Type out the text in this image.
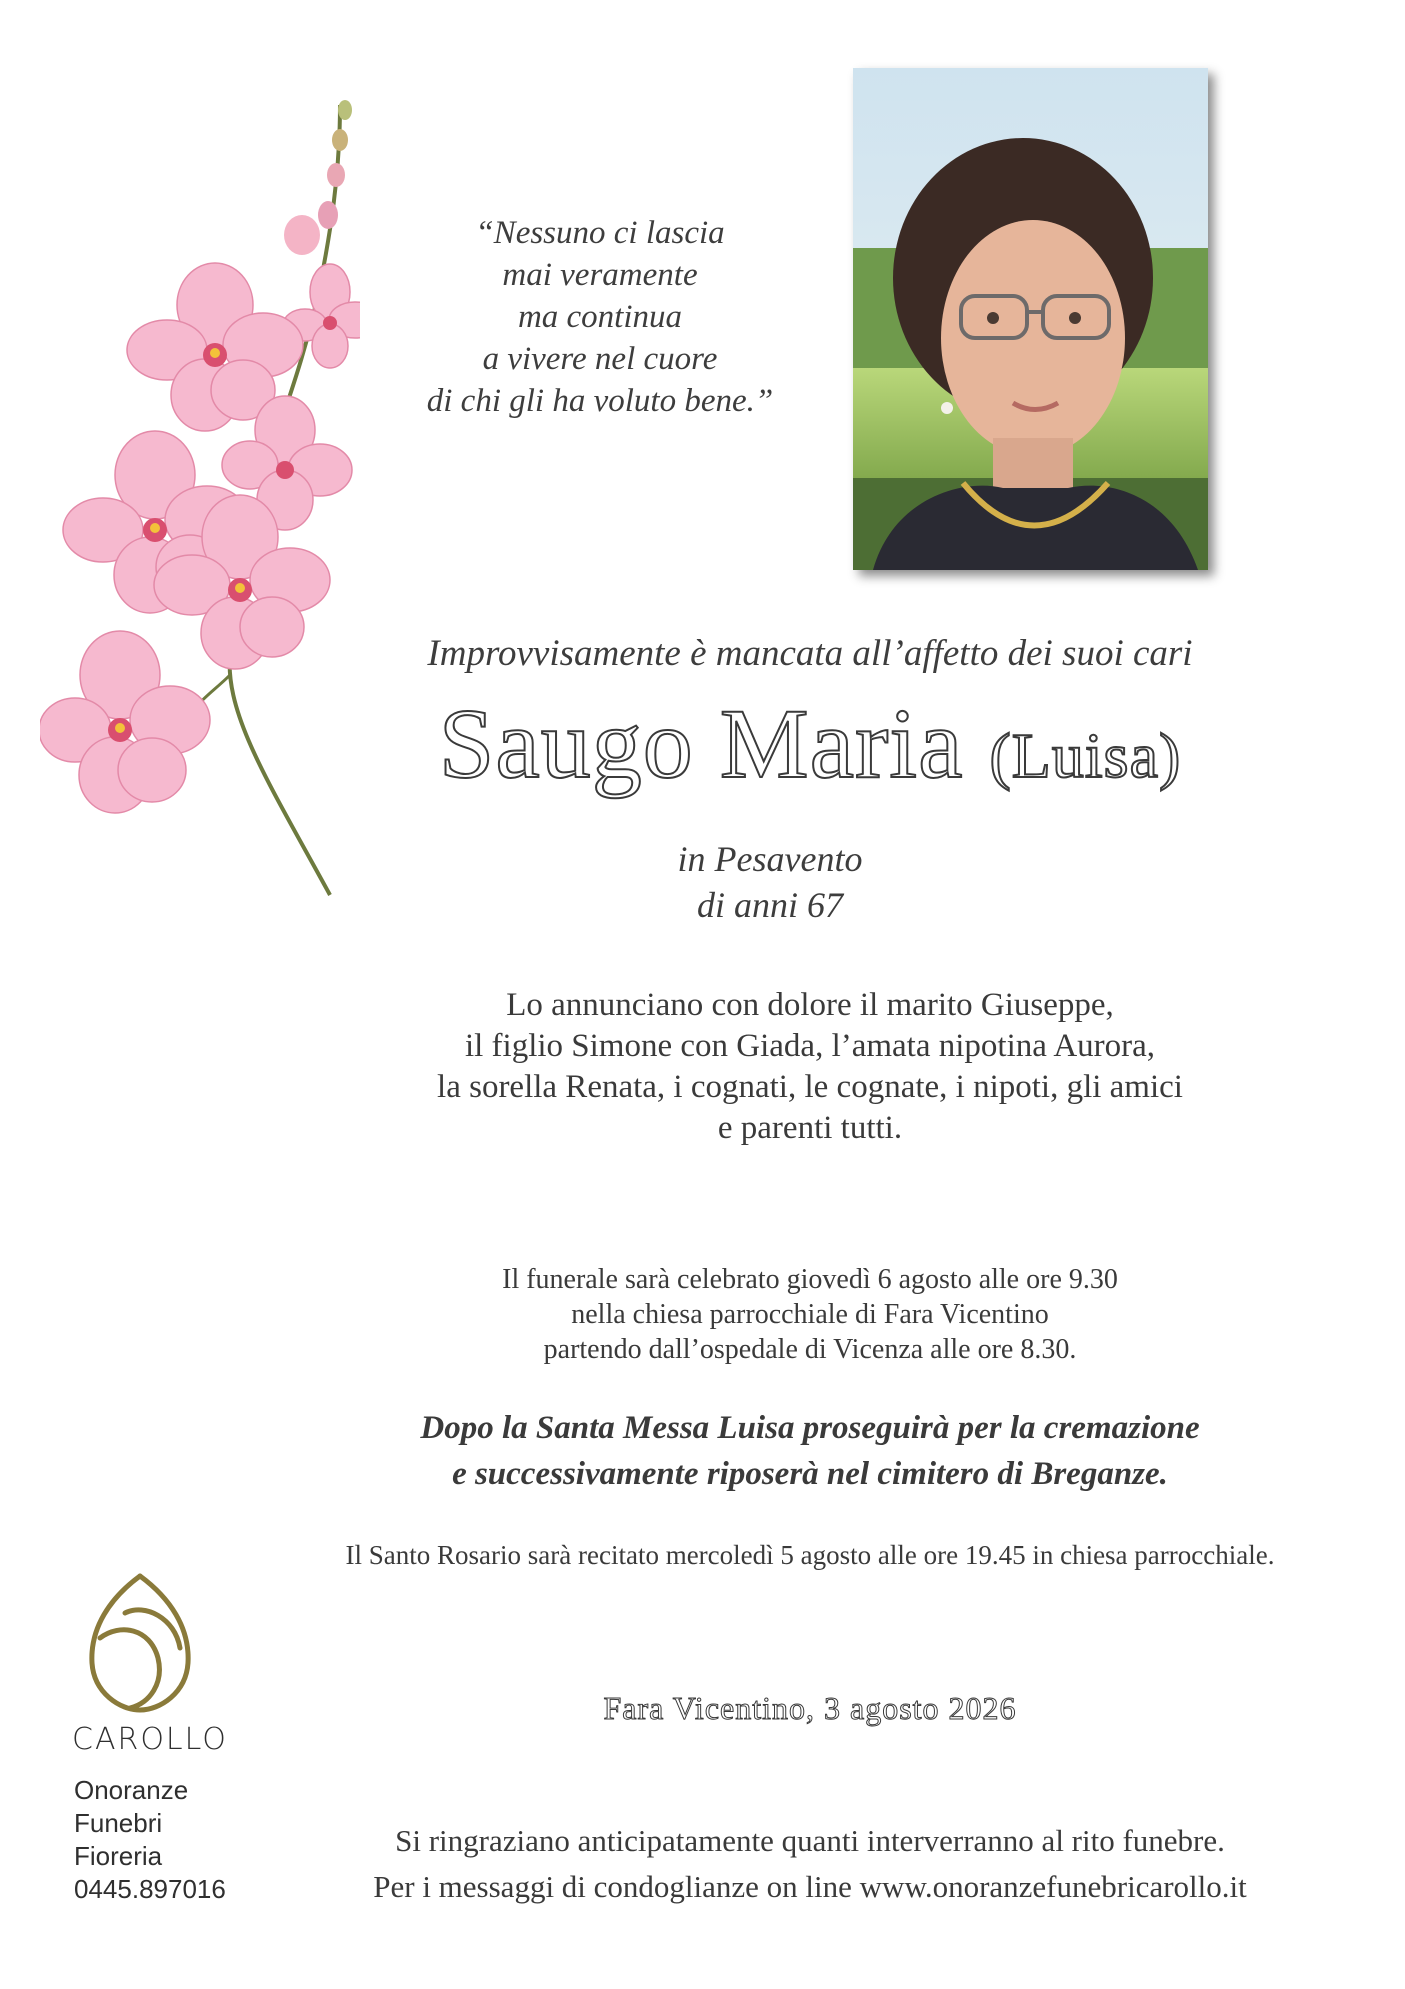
“Nessuno ci lascia
mai veramente
ma continua
a vivere nel cuore
di chi gli ha voluto bene.”
Improvvisamente è mancata all’affetto dei suoi cari
Saugo Maria (Luisa)
in Pesavento
di anni 67
Lo annunciano con dolore il marito Giuseppe,
il figlio Simone con Giada, l’amata nipotina Aurora,
la sorella Renata, i cognati, le cognate, i nipoti, gli amici
e parenti tutti.
Il funerale sarà celebrato giovedì 6 agosto alle ore 9.30
nella chiesa parrocchiale di Fara Vicentino
partendo dall’ospedale di Vicenza alle ore 8.30.
Dopo la Santa Messa Luisa proseguirà per la cremazione
e successivamente riposerà nel cimitero di Breganze.
Il Santo Rosario sarà recitato mercoledì 5 agosto alle ore 19.45 in chiesa parrocchiale.
Fara Vicentino, 3 agosto 2026
Si ringraziano anticipatamente quanti interverranno al rito funebre.
Per i messaggi di condoglianze on line www.onoranzefunebricarollo.it
CAROLLO
Onoranze
Funebri
Fioreria
0445.897016
